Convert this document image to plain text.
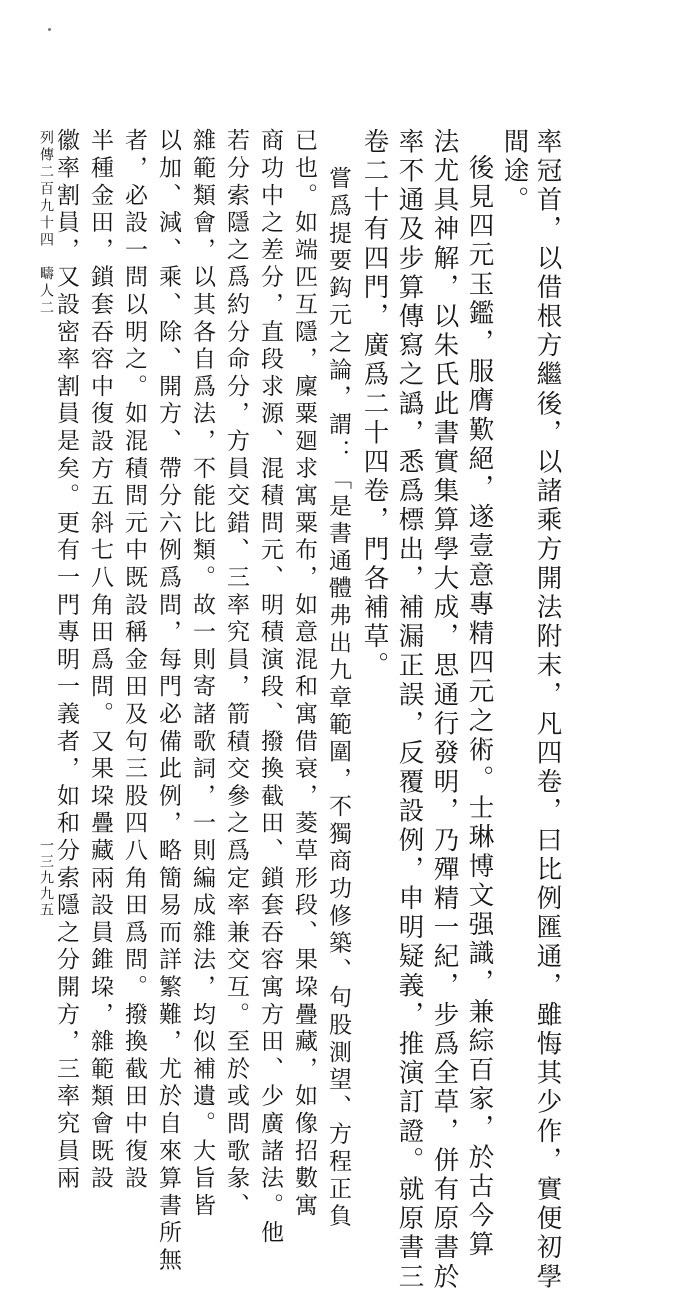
率冠首，以借根方繼後，以諸乘方開法附末，凡四卷，曰比例匯通，雖悔其少作，實便初學
間途。
後見四元玉鑑，服膺歎絕，遂壹意專精四元之術。士琳博文强識，兼綜百家，於古今算
法尤具神解，以朱氏此書實集算學大成，思通行發明，乃殫精一紀，步爲全草，併有原書於
率不通及步算傳寫之譌，悉爲標出，補漏正誤，反覆設例，申明疑義，推演訂證。就原書三
卷二十有四門，廣爲二十四卷，門各補草。
嘗爲提要鈎元之論，謂：「是書通體弗出九章範圍，不獨商功修築、句股測望、方程正負
已也。如端匹互隱，廩粟廻求寓粟布，如意混和寓借衰，菱草形段、果垜疊藏，如像招數寓
商功中之差分，直段求源、混積問元、明積演段、撥換截田、鎖套吞容寓方田、少廣諸法。他
若分索隱之爲約分命分，方員交錯、三率究員，箭積交參之爲定率兼交互。至於或問歌彖、
雜範類會，以其各自爲法，不能比類。故一則寄諸歌詞，一則編成雜法，均似補遺。大旨皆
以加、減、乘、除、開方、帶分六例爲問，每門必備此例，略簡易而詳繁難，尤於自來算書所無
者，必設一問以明之。如混積問元中既設稱金田及句三股四八角田爲問。撥換截田中復設
半種金田，鎖套吞容中復設方五斜七八角田爲問。又果垜疊藏兩設員錐垜，雜範類會既設
徽率割員，又設密率割員是矣。更有一門專明一義者，如和分索隱之分開方，三率究員兩
列傳二百九十四　疇人二
一三九九五
